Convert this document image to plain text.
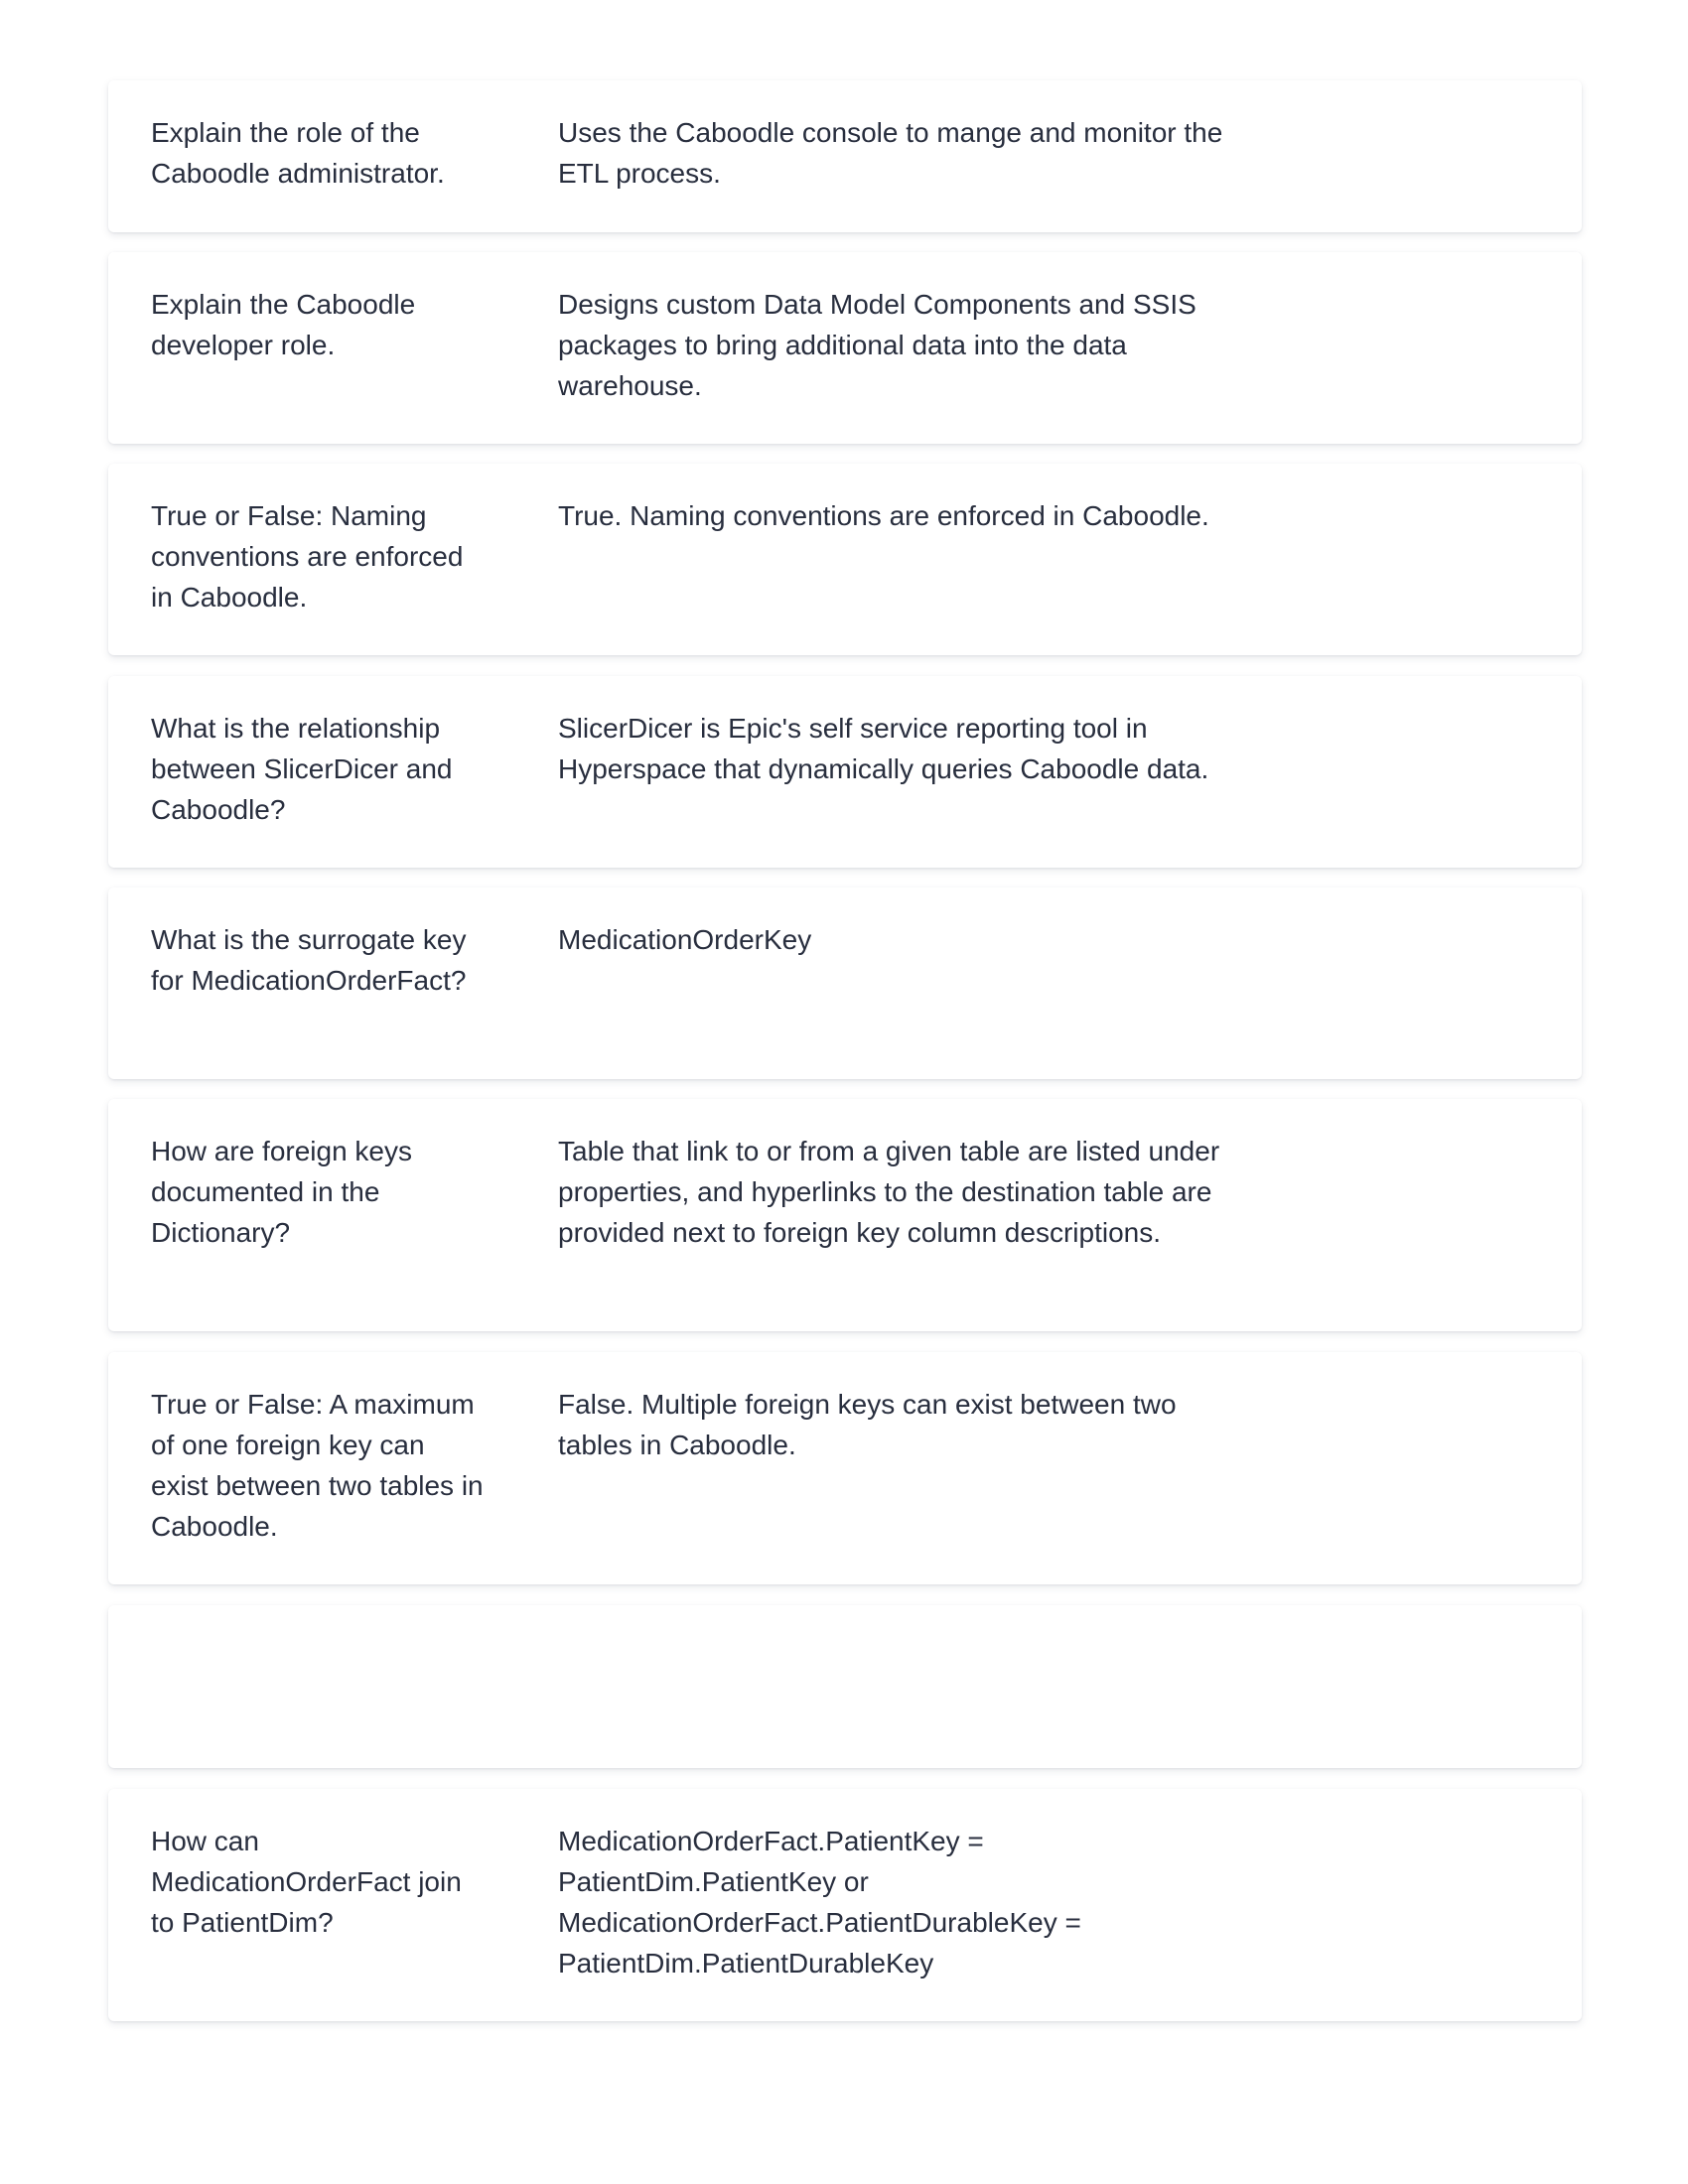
Explain the role of the Caboodle administrator.

Uses the Caboodle console to mange and monitor the ETL process.

Explain the Caboodle developer role.

Designs custom Data Model Components and SSIS packages to bring additional data into the data warehouse.

True or False: Naming conventions are enforced in Caboodle.

True. Naming conventions are enforced in Caboodle.

What is the relationship between SlicerDicer and Caboodle?

SlicerDicer is Epic's self service reporting tool in Hyperspace that dynamically queries Caboodle data.

What is the surrogate key for MedicationOrderFact?

MedicationOrderKey

How are foreign keys documented in the Dictionary?

Table that link to or from a given table are listed under properties, and hyperlinks to the destination table are provided next to foreign key column descriptions.

True or False: A maximum of one foreign key can exist between two tables in Caboodle.

False. Multiple foreign keys can exist between two tables in Caboodle.

How can MedicationOrderFact join to PatientDim?

MedicationOrderFact.PatientKey = PatientDim.PatientKey or MedicationOrderFact.PatientDurableKey = PatientDim.PatientDurableKey
